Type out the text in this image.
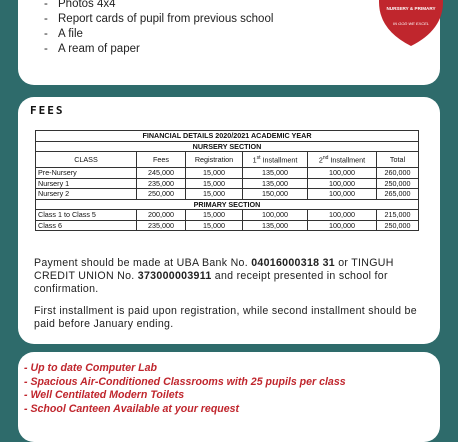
- Photos 4x4
- Report cards of pupil from previous school
- A file
- A ream of paper
NURSERY & PRIMARY
IN GOD WE EXCEL
FEES
FINANCIAL DETAILS 2020/2021 ACADEMIC YEAR					
NURSERY SECTION					
CLASS	Fees	Registration	1st Installment	2nd Installment	Total
Pre-Nursery	245,000	15,000	135,000	100,000	260,000
Nursery 1	235,000	15,000	135,000	100,000	250,000
Nursery 2	250,000	15,000	150,000	100,000	265,000
PRIMARY SECTION					
Class 1 to Class 5	200,000	15,000	100,000	100,000	215,000
Class 6	235,000	15,000	135,000	100,000	250,000
Payment should be made at UBA Bank No. 04016000318 31 or TINGUH CREDIT UNION No. 373000003911 and receipt presented in school for confirmation.
First installment is paid upon registration, while second installment should be paid before January ending.
- Up to date Computer Lab
- Spacious Air-Conditioned Classrooms with 25 pupils per class
- Well Centilated Modern Toilets
- School Canteen Available at your request
